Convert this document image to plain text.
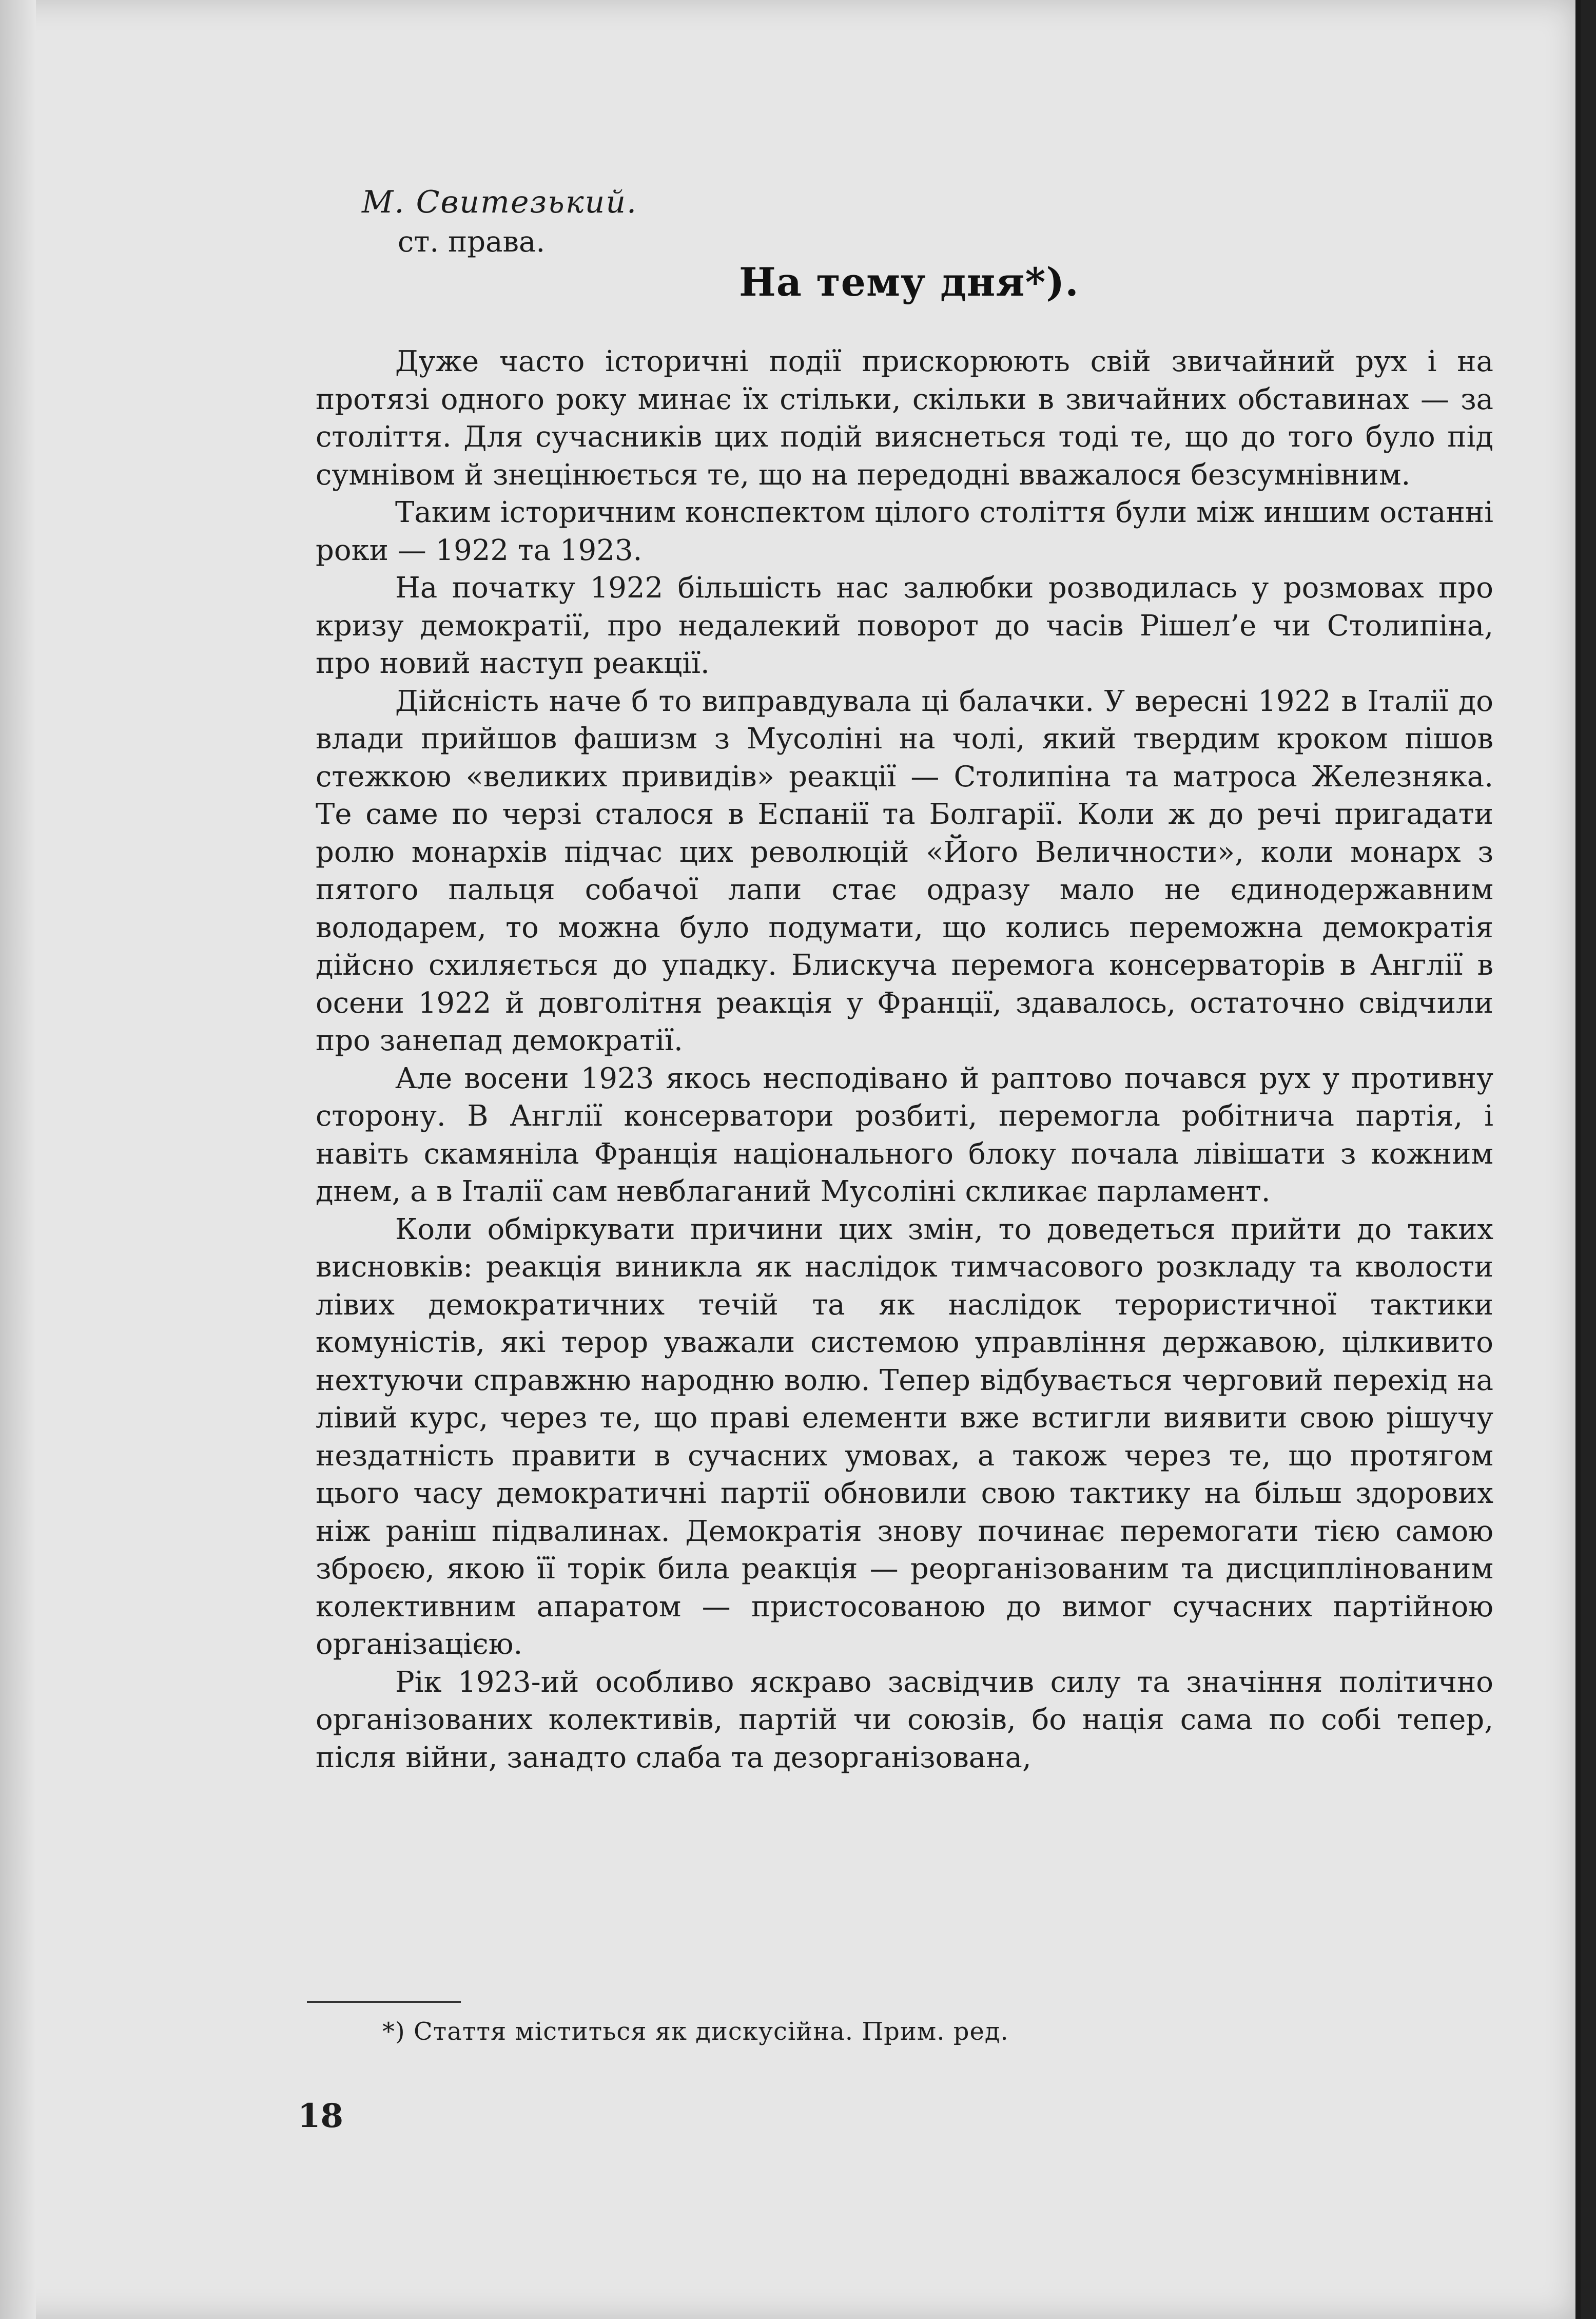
М. Свитезький.
ст. права.
На тему дня*).

Дуже часто історичні події прискорюють свій звичайний рух і на протязі одного року минає їх стільки, скільки в звичайних обставинах — за століття. Для сучасників цих подій вияснеться тоді те, що до того було під сумнівом й знецінюється те, що на передодні вважалося безсумнівним.

Таким історичним конспектом цілого століття були між иншим останні роки — 1922 та 1923.

На початку 1922 більшість нас залюбки розводилась у розмовах про кризу демократії, про недалекий поворот до часів Рішел’е чи Столипіна, про новий наступ реакції.

Дійсність наче б то виправдувала ці балачки. У вересні 1922 в Італії до влади прийшов фашизм з Мусоліні на чолі, який твердим кроком пішов стежкою «великих привидів» реакції — Столипіна та матроса Железняка. Те саме по черзі сталося в Еспанії та Болгарії. Коли ж до речі пригадати ролю монархів підчас цих революцій «Його Величности», коли монарх з пятого пальця собачої лапи стає одразу мало не єдинодержавним володарем, то можна було подумати, що колись переможна демократія дійсно схиляється до упадку. Блискуча перемога консерваторів в Англії в осени 1922 й довголітня реакція у Франції, здавалось, остаточно свідчили про занепад демократії.

Але восени 1923 якось несподівано й раптово почався рух у противну сторону. В Англії консерватори розбиті, перемогла робітнича партія, і навіть скамяніла Франція національного блоку почала лівішати з кожним днем, а в Італії сам невблаганий Мусоліні скликає парламент.

Коли обміркувати причини цих змін, то доведеться прийти до таких висновків: реакція виникла як наслідок тимчасового розкладу та кволости лівих демократичних течій та як наслідок терористичної тактики комуністів, які терор уважали системою управління державою, цілкивито нехтуючи справжню народню волю. Тепер відбувається черговий перехід на лівий курс, через те, що праві елементи вже встигли виявити свою рішучу нездатність правити в сучасних умовах, а також через те, що протягом цього часу демократичні партії обновили свою тактику на більш здорових ніж раніш підвалинах. Демократія знову починає перемогати тією самою зброєю, якою її торік била реакція — реорганізованим та дисциплінованим колективним апаратом — пристосованою до вимог сучасних партійною організацією.

Рік 1923-ий особливо яскраво засвідчив силу та значіння політично організованих колективів, партій чи союзів, бо нація сама по собі тепер, після війни, занадто слаба та дезорганізована,

*) Стаття міститься як дискусійна. Прим. ред.
18
